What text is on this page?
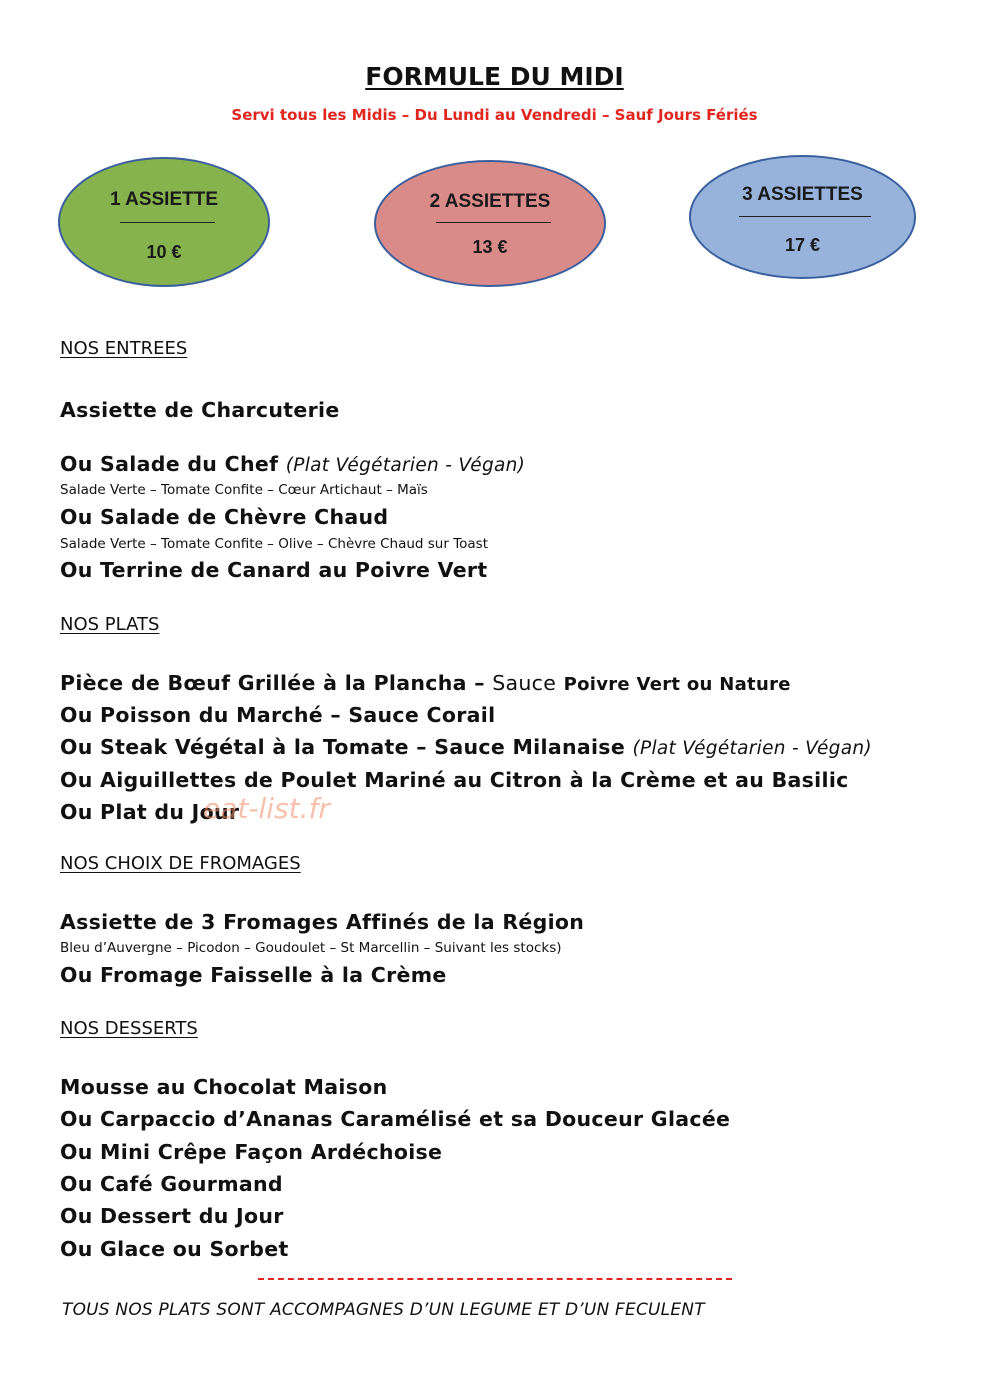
FORMULE DU MIDI
Servi tous les Midis – Du Lundi au Vendredi – Sauf Jours Fériés
1 ASSIETTE
10 €
2 ASSIETTES
13 €
3 ASSIETTES
17 €
NOS ENTREES
Assiette de Charcuterie
Ou Salade du Chef (Plat Végétarien - Végan)
Salade Verte – Tomate Confite – Cœur Artichaut – Maïs
Ou Salade de Chèvre Chaud
Salade Verte – Tomate Confite – Olive – Chèvre Chaud sur Toast
Ou Terrine de Canard au Poivre Vert
NOS PLATS
Pièce de Bœuf Grillée à la Plancha – Sauce Poivre Vert ou Nature
Ou Poisson du Marché – Sauce Corail
Ou Steak Végétal à la Tomate – Sauce Milanaise (Plat Végétarien - Végan)
Ou Aiguillettes de Poulet Mariné au Citron à la Crème et au Basilic
Ou Plat du Jour
eat-list.fr
NOS CHOIX DE FROMAGES
Assiette de 3 Fromages Affinés de la Région
Bleu d’Auvergne – Picodon – Goudoulet – St Marcellin – Suivant les stocks)
Ou Fromage Faisselle à la Crème
NOS DESSERTS
Mousse au Chocolat Maison
Ou Carpaccio d’Ananas Caramélisé et sa Douceur Glacée
Ou Mini Crêpe Façon Ardéchoise
Ou Café Gourmand
Ou Dessert du Jour
Ou Glace ou Sorbet
TOUS NOS PLATS SONT ACCOMPAGNES D’UN LEGUME ET D’UN FECULENT
